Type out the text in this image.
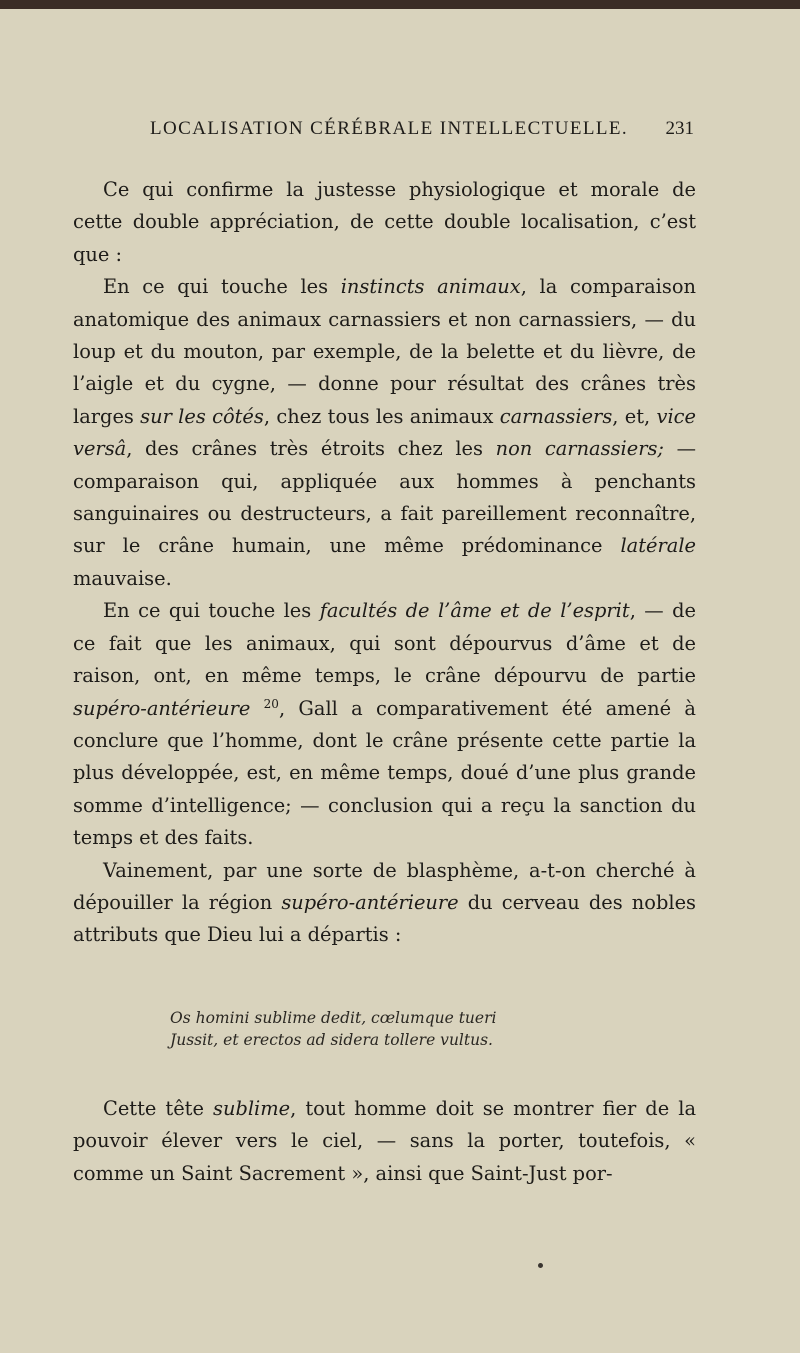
LOCALISATION CÉRÉBRALE INTELLECTUELLE. 231

Ce qui confirme la justesse physiologique et morale de cette double appréciation, de cette double localisation, c’est que :

En ce qui touche les instincts animaux, la comparaison anatomique des animaux carnassiers et non carnassiers, — du loup et du mouton, par exemple, de la belette et du lièvre, de l’aigle et du cygne, — donne pour résultat des crânes très larges sur les côtés, chez tous les animaux carnassiers, et, vice versâ, des crânes très étroits chez les non carnassiers; — comparaison qui, appliquée aux hommes à penchants sanguinaires ou destructeurs, a fait pareillement reconnaître, sur le crâne humain, une même prédominance latérale mauvaise.

En ce qui touche les facultés de l’âme et de l’esprit, — de ce fait que les animaux, qui sont dépourvus d’âme et de raison, ont, en même temps, le crâne dépourvu de partie supéro-antérieure $^{20}$, Gall a comparativement été amené à conclure que l’homme, dont le crâne présente cette partie la plus développée, est, en même temps, doué d’une plus grande somme d’intelligence; — conclusion qui a reçu la sanction du temps et des faits.

Vainement, par une sorte de blasphème, a-t-on cherché à dépouiller la région supéro-antérieure du cerveau des nobles attributs que Dieu lui a départis :

Os homini sublime dedit, cœlumque tueri
Jussit, et erectos ad sidera tollere vultus.

Cette tête sublime, tout homme doit se montrer fier de la pouvoir élever vers le ciel, — sans la porter, toutefois, « comme un Saint Sacrement », ainsi que Saint-Just por-
